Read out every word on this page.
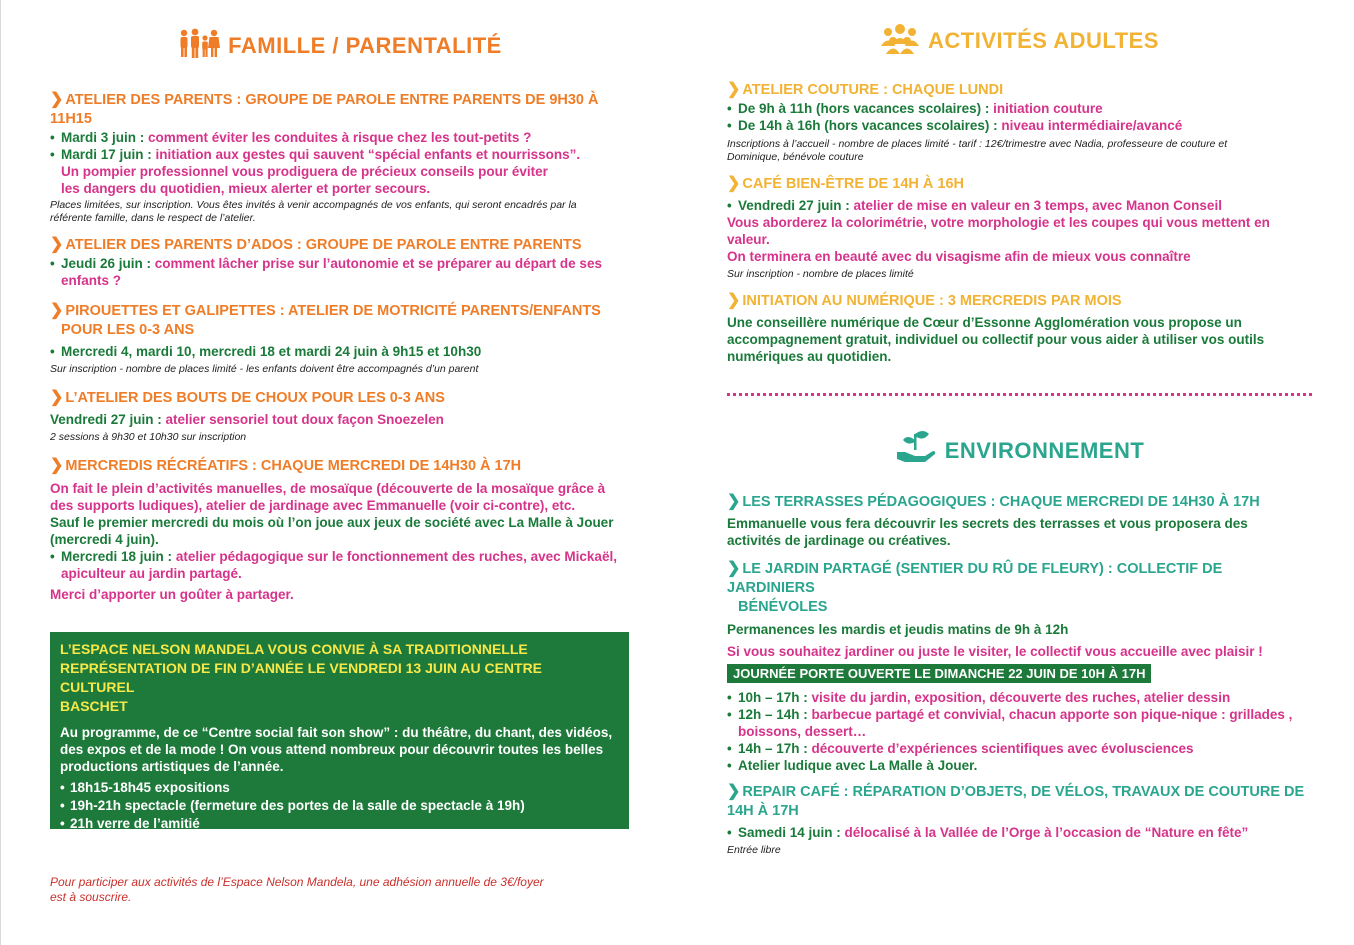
FAMILLE / PARENTALITÉ

❯ ATELIER DES PARENTS : GROUPE DE PAROLE ENTRE PARENTS DE 9H30 À 11H15

• Mardi 3 juin : comment éviter les conduites à risque chez les tout-petits ?

• Mardi 17 juin : initiation aux gestes qui sauvent “spécial enfants et nourrissons”.

Un pompier professionnel vous prodiguera de précieux conseils pour éviter

les dangers du quotidien, mieux alerter et porter secours.

Places limitées, sur inscription. Vous êtes invités à venir accompagnés de vos enfants, qui seront encadrés par la

référente famille, dans le respect de l’atelier.

❯ ATELIER DES PARENTS D’ADOS : GROUPE DE PAROLE ENTRE PARENTS

• Jeudi 26 juin : comment lâcher prise sur l’autonomie et se préparer au départ de ses

enfants ?

❯ PIROUETTES ET GALIPETTES : ATELIER DE MOTRICITÉ PARENTS/ENFANTS

POUR LES 0-3 ANS

• Mercredi 4, mardi 10, mercredi 18 et mardi 24 juin à 9h15 et 10h30

Sur inscription - nombre de places limité - les enfants doivent être accompagnés d’un parent

❯ L’ATELIER DES BOUTS DE CHOUX POUR LES 0-3 ANS

Vendredi 27 juin : atelier sensoriel tout doux façon Snoezelen

2 sessions à 9h30 et 10h30 sur inscription

❯ MERCREDIS RÉCRÉATIFS : CHAQUE MERCREDI DE 14H30 À 17H

On fait le plein d’activités manuelles, de mosaïque (découverte de la mosaïque grâce à

des supports ludiques), atelier de jardinage avec Emmanuelle (voir ci-contre), etc.

Sauf le premier mercredi du mois où l’on joue aux jeux de société avec La Malle à Jouer

(mercredi 4 juin).

• Mercredi 18 juin : atelier pédagogique sur le fonctionnement des ruches, avec Mickaël,

apiculteur au jardin partagé.

Merci d’apporter un goûter à partager.

L’ESPACE NELSON MANDELA VOUS CONVIE À SA TRADITIONNELLE

REPRÉSENTATION DE FIN D’ANNÉE LE VENDREDI 13 JUIN AU CENTRE CULTUREL

BASCHET

Au programme, de ce “Centre social fait son show” : du théâtre, du chant, des vidéos,

des expos et de la mode ! On vous attend nombreux pour découvrir toutes les belles

productions artistiques de l’année.

• 18h15-18h45 expositions

• 19h-21h spectacle (fermeture des portes de la salle de spectacle à 19h)

• 21h verre de l’amitié

Pour participer aux activités de l’Espace Nelson Mandela, une adhésion annuelle de 3€/foyer
est à souscrire.

ACTIVITÉS ADULTES

❯ ATELIER COUTURE : CHAQUE LUNDI

• De 9h à 11h (hors vacances scolaires) : initiation couture

• De 14h à 16h (hors vacances scolaires) : niveau intermédiaire/avancé

Inscriptions à l’accueil - nombre de places limité - tarif : 12€/trimestre avec Nadia, professeure de couture et

Dominique, bénévole couture

❯ CAFÉ BIEN-ÊTRE DE 14H À 16H

• Vendredi 27 juin : atelier de mise en valeur en 3 temps, avec Manon Conseil

Vous aborderez la colorimétrie, votre morphologie et les coupes qui vous mettent en valeur.

On terminera en beauté avec du visagisme afin de mieux vous connaître

Sur inscription - nombre de places limité

❯ INITIATION AU NUMÉRIQUE : 3 MERCREDIS PAR MOIS

Une conseillère numérique de Cœur d’Essonne Agglomération vous propose un

accompagnement gratuit, individuel ou collectif pour vous aider à utiliser vos outils

numériques au quotidien.

ENVIRONNEMENT

❯ LES TERRASSES PÉDAGOGIQUES : CHAQUE MERCREDI DE 14H30 À 17H

Emmanuelle vous fera découvrir les secrets des terrasses et vous proposera des

activités de jardinage ou créatives.

❯ LE JARDIN PARTAGÉ (SENTIER DU RÛ DE FLEURY) : COLLECTIF DE JARDINIERS

BÉNÉVOLES

Permanences les mardis et jeudis matins de 9h à 12h

Si vous souhaitez jardiner ou juste le visiter, le collectif vous accueille avec plaisir !

JOURNÉE PORTE OUVERTE LE DIMANCHE 22 JUIN DE 10H À 17H

• 10h – 17h : visite du jardin, exposition, découverte des ruches, atelier dessin

• 12h – 14h : barbecue partagé et convivial, chacun apporte son pique-nique : grillades ,

boissons, dessert…

• 14h – 17h : découverte d’expériences scientifiques avec évolusciences

• Atelier ludique avec La Malle à Jouer.

❯ REPAIR CAFÉ : RÉPARATION D’OBJETS, DE VÉLOS, TRAVAUX DE COUTURE DE 14H À 17H

• Samedi 14 juin : délocalisé à la Vallée de l’Orge à l’occasion de “Nature en fête”

Entrée libre
